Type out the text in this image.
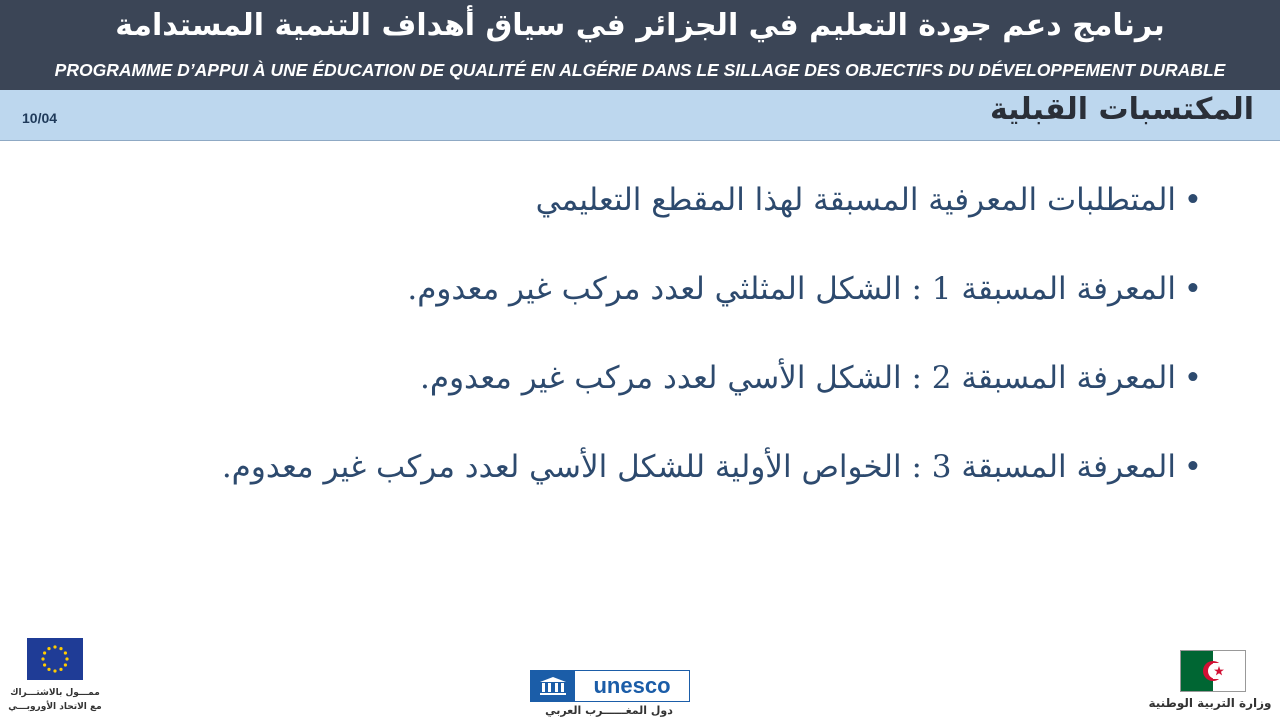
برنامج دعم جودة التعليم في الجزائر في سياق أهداف التنمية المستدامة
PROGRAMME D’APPUI À UNE ÉDUCATION DE QUALITÉ EN ALGÉRIE DANS LE SILLAGE DES OBJECTIFS DU DÉVELOPPEMENT DURABLE
10/04	المكتسبات القبلية
• المتطلبات المعرفية المسبقة لهذا المقطع التعليمي
• المعرفة المسبقة 1 : الشكل المثلثي لعدد مركب غير معدوم.
• المعرفة المسبقة 2 : الشكل الأسي لعدد مركب غير معدوم.
• المعرفة المسبقة 3 : الخواص الأولية للشكل الأسي لعدد مركب غير معدوم.
ممـــول بالاشتـــراك
مع الاتحاد الأوروبـــي
unesco
دول المغــــــرب العربي
وزارة التربية الوطنية
